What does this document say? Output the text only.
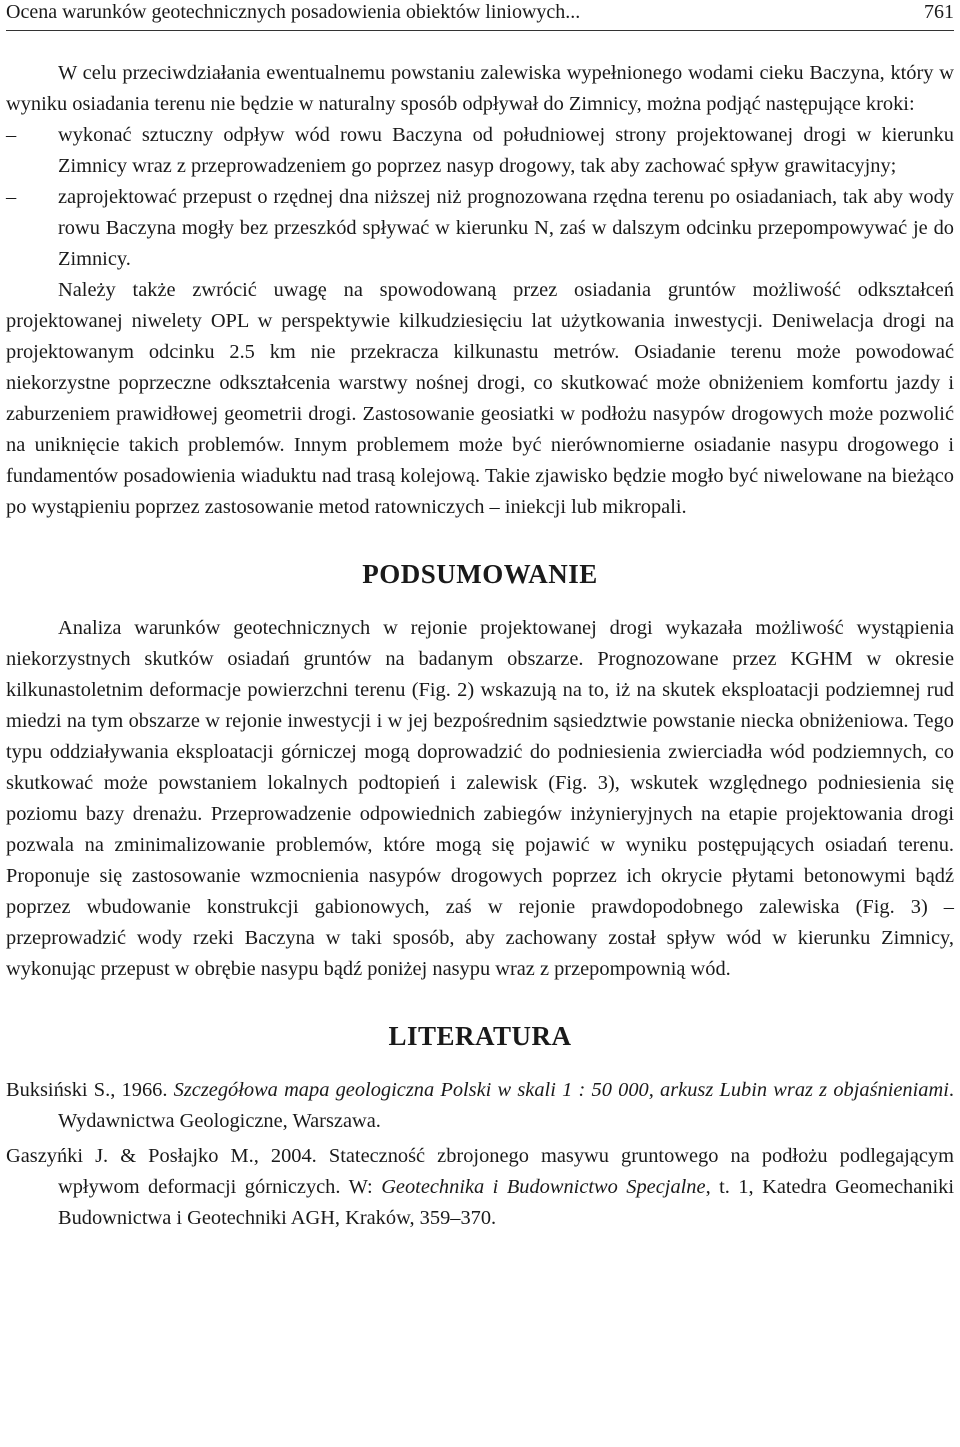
Ocena warunków geotechnicznych posadowienia obiektów liniowych...	761

W celu przeciwdziałania ewentualnemu powstaniu zalewiska wypełnionego wodami cieku Baczyna, który w wyniku osiadania terenu nie będzie w naturalny sposób odpływał do Zimnicy, można podjąć następujące kroki:

– wykonać sztuczny odpływ wód rowu Baczyna od południowej strony projektowanej drogi w kierunku Zimnicy wraz z przeprowadzeniem go poprzez nasyp drogowy, tak aby zachować spływ grawitacyjny;
– zaprojektować przepust o rzędnej dna niższej niż prognozowana rzędna terenu po osiadaniach, tak aby wody rowu Baczyna mogły bez przeszkód spływać w kierunku N, zaś w dalszym odcinku przepompowywać je do Zimnicy.

Należy także zwrócić uwagę na spowodowaną przez osiadania gruntów możliwość odkształceń projektowanej niwelety OPL w perspektywie kilkudziesięciu lat użytkowania inwestycji. Deniwelacja drogi na projektowanym odcinku 2.5 km nie przekracza kilkunastu metrów. Osiadanie terenu może powodować niekorzystne poprzeczne odkształcenia warstwy nośnej drogi, co skutkować może obniżeniem komfortu jazdy i zaburzeniem prawidłowej geometrii drogi. Zastosowanie geosiatki w podłożu nasypów drogowych może pozwolić na uniknięcie takich problemów. Innym problemem może być nierównomierne osiadanie nasypu drogowego i fundamentów posadowienia wiaduktu nad trasą kolejową. Takie zjawisko będzie mogło być niwelowane na bieżąco po wystąpieniu poprzez zastosowanie metod ratowniczych – iniekcji lub mikropali.

PODSUMOWANIE

Analiza warunków geotechnicznych w rejonie projektowanej drogi wykazała możliwość wystąpienia niekorzystnych skutków osiadań gruntów na badanym obszarze. Prognozowane przez KGHM w okresie kilkunastoletnim deformacje powierzchni terenu (Fig. 2) wskazują na to, iż na skutek eksploatacji podziemnej rud miedzi na tym obszarze w rejonie inwestycji i w jej bezpośrednim sąsiedztwie powstanie niecka obniżeniowa. Tego typu oddziaływania eksploatacji górniczej mogą doprowadzić do podniesienia zwierciadła wód podziemnych, co skutkować może powstaniem lokalnych podtopień i zalewisk (Fig. 3), wskutek względnego podniesienia się poziomu bazy drenażu. Przeprowadzenie odpowiednich zabiegów inżynieryjnych na etapie projektowania drogi pozwala na zminimalizowanie problemów, które mogą się pojawić w wyniku postępujących osiadań terenu. Proponuje się zastosowanie wzmocnienia nasypów drogowych poprzez ich okrycie płytami betonowymi bądź poprzez wbudowanie konstrukcji gabionowych, zaś w rejonie prawdopodobnego zalewiska (Fig. 3) – przeprowadzić wody rzeki Baczyna w taki sposób, aby zachowany został spływ wód w kierunku Zimnicy, wykonując przepust w obrębie nasypu bądź poniżej nasypu wraz z przepompownią wód.

LITERATURA
Buksiński S., 1966. Szczegółowa mapa geologiczna Polski w skali 1 : 50 000, arkusz Lubin wraz z objaśnieniami. Wydawnictwa Geologiczne, Warszawa.
Gaszyńki J. & Posłajko M., 2004. Stateczność zbrojonego masywu gruntowego na podłożu podlegającym wpływom deformacji górniczych. W: Geotechnika i Budownictwo Specjalne, t. 1, Katedra Geomechaniki Budownictwa i Geotechniki AGH, Kraków, 359–370.
